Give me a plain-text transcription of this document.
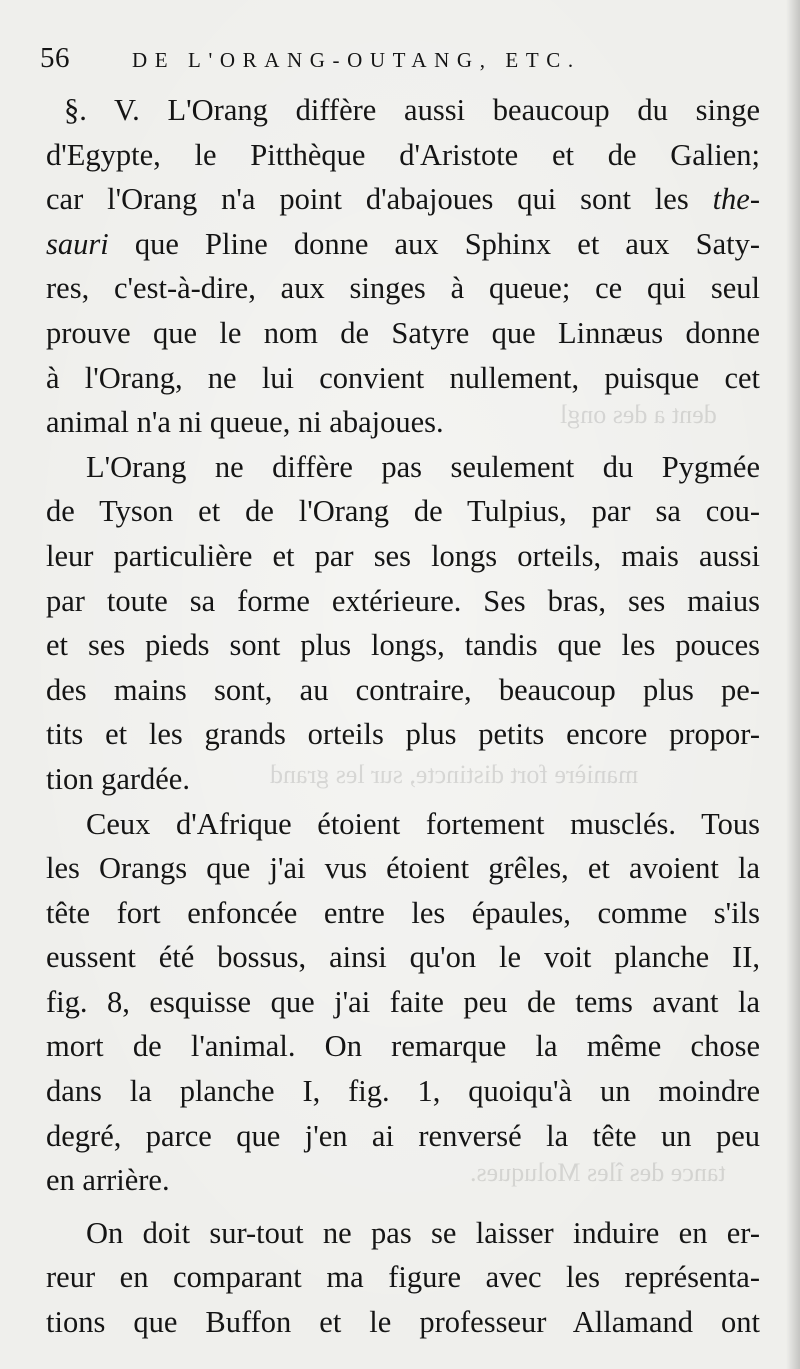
dent a des ongl
manière fort distincte, sur les grand
tance des îles Moluques.
56	DE L'ORANG-OUTANG, ETC.
§. V. L'Orang diffère aussi beaucoup du singe
d'Egypte, le Pitthèque d'Aristote et de Galien;
car l'Orang n'a point d'abajoues qui sont les the-
sauri que Pline donne aux Sphinx et aux Saty-
res, c'est-à-dire, aux singes à queue; ce qui seul
prouve que le nom de Satyre que Linnæus donne
à l'Orang, ne lui convient nullement, puisque cet
animal n'a ni queue, ni abajoues.
L'Orang ne diffère pas seulement du Pygmée
de Tyson et de l'Orang de Tulpius, par sa cou-
leur particulière et par ses longs orteils, mais aussi
par toute sa forme extérieure. Ses bras, ses maius
et ses pieds sont plus longs, tandis que les pouces
des mains sont, au contraire, beaucoup plus pe-
tits et les grands orteils plus petits encore propor-
tion gardée.
Ceux d'Afrique étoient fortement musclés. Tous
les Orangs que j'ai vus étoient grêles, et avoient la
tête fort enfoncée entre les épaules, comme s'ils
eussent été bossus, ainsi qu'on le voit planche II,
fig. 8, esquisse que j'ai faite peu de tems avant la
mort de l'animal. On remarque la même chose
dans la planche I, fig. 1, quoiqu'à un moindre
degré, parce que j'en ai renversé la tête un peu
en arrière.
On doit sur-tout ne pas se laisser induire en er-
reur en comparant ma figure avec les représenta-
tions que Buffon et le professeur Allamand ont
